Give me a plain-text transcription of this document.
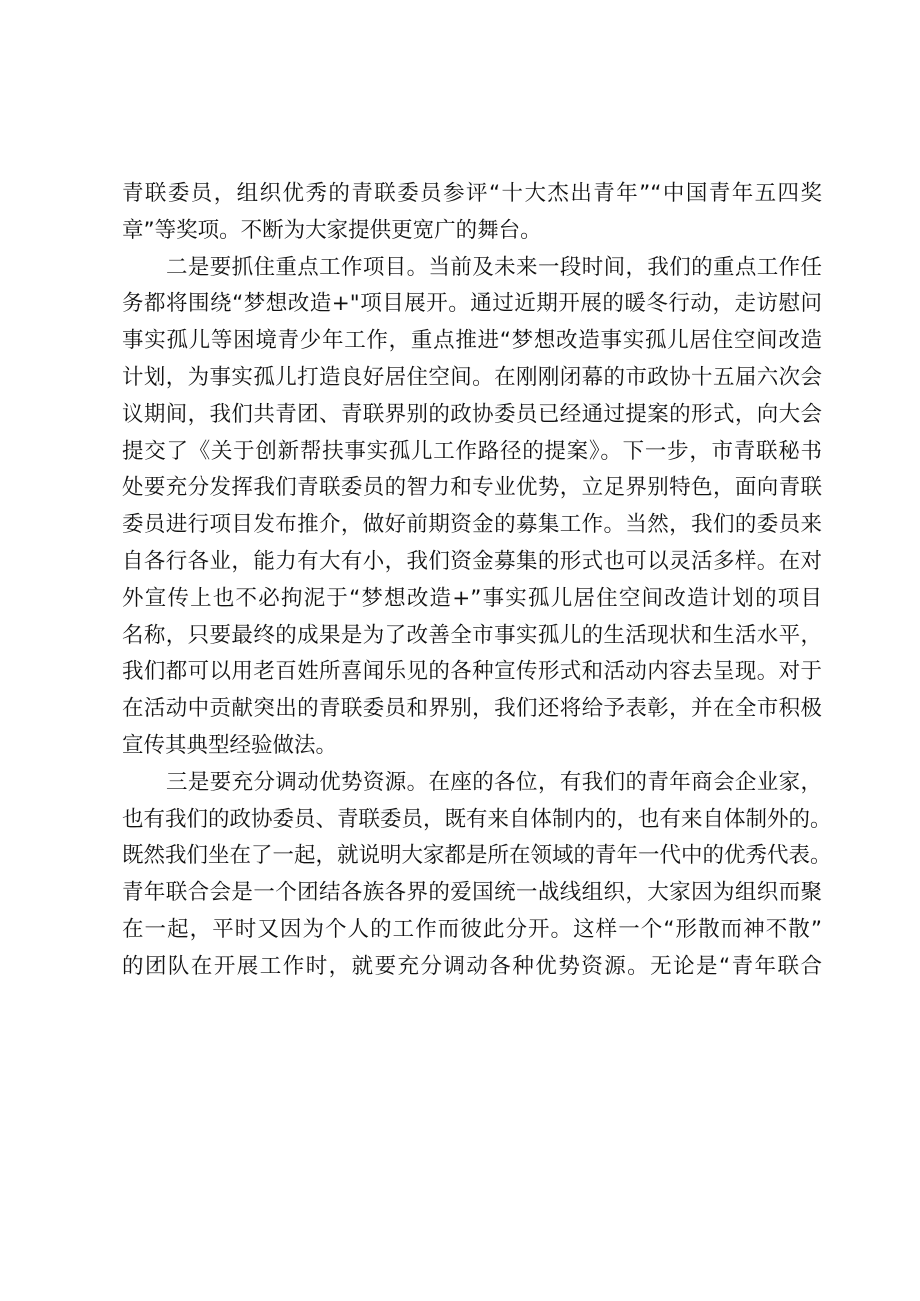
青联委员，组织优秀的青联委员参评“十大杰出青年”“中国青年五四奖
章”等奖项。不断为大家提供更宽广的舞台。
二是要抓住重点工作项目。当前及未来一段时间，我们的重点工作任
务都将围绕“梦想改造+"项目展开。通过近期开展的暖冬行动，走访慰问
事实孤儿等困境青少年工作，重点推进“梦想改造事实孤儿居住空间改造
计划，为事实孤儿打造良好居住空间。在刚刚闭幕的市政协十五届六次会
议期间，我们共青团、青联界别的政协委员已经通过提案的形式，向大会
提交了《关于创新帮扶事实孤儿工作路径的提案》。下一步，市青联秘书
处要充分发挥我们青联委员的智力和专业优势，立足界别特色，面向青联
委员进行项目发布推介，做好前期资金的募集工作。当然，我们的委员来
自各行各业，能力有大有小，我们资金募集的形式也可以灵活多样。在对
外宣传上也不必拘泥于“梦想改造+”事实孤儿居住空间改造计划的项目
名称，只要最终的成果是为了改善全市事实孤儿的生活现状和生活水平，
我们都可以用老百姓所喜闻乐见的各种宣传形式和活动内容去呈现。对于
在活动中贡献突出的青联委员和界别，我们还将给予表彰，并在全市积极
宣传其典型经验做法。
三是要充分调动优势资源。在座的各位，有我们的青年商会企业家，
也有我们的政协委员、青联委员，既有来自体制内的，也有来自体制外的。
既然我们坐在了一起，就说明大家都是所在领域的青年一代中的优秀代表。
青年联合会是一个团结各族各界的爱国统一战线组织，大家因为组织而聚
在一起，平时又因为个人的工作而彼此分开。这样一个“形散而神不散”
的团队在开展工作时，就要充分调动各种优势资源。无论是“青年联合
